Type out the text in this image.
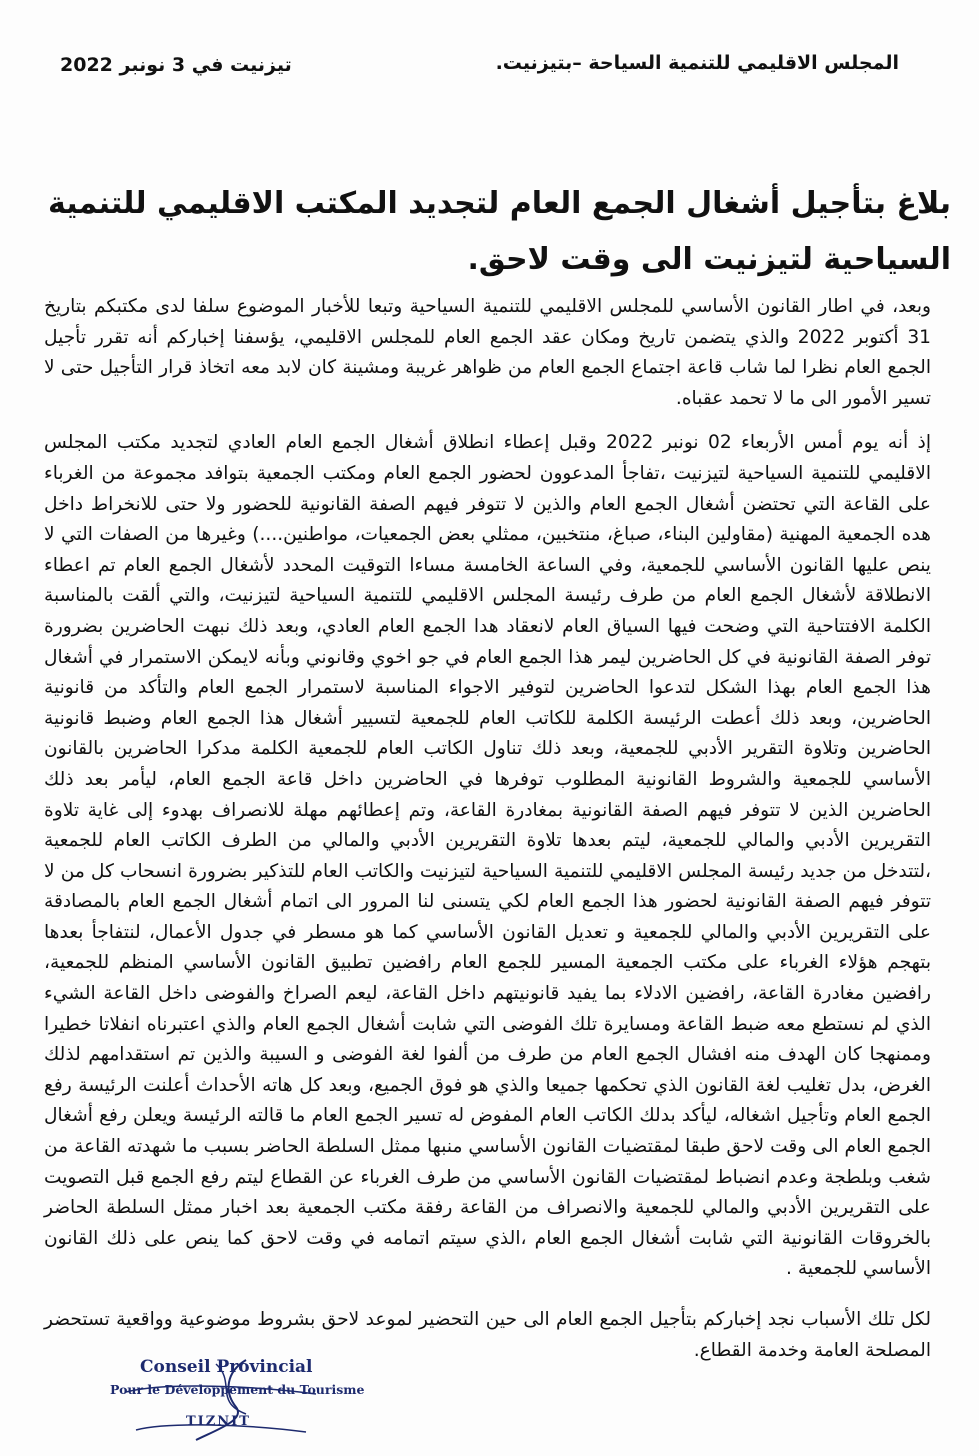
المجلس الاقليمي للتنمية السياحة –بتيزنيت.
تيزنيت في 3 نونبر 2022
بلاغ بتأجيل أشغال الجمع العام لتجديد المكتب الاقليمي للتنمية السياحية لتيزنيت الى وقت لاحق.

وبعد، في اطار القانون الأساسي للمجلس الاقليمي للتنمية السياحية وتبعا للأخبار الموضوع سلفا لدى مكتبكم بتاريخ 31 أكتوبر 2022 والذي يتضمن تاريخ ومكان عقد الجمع العام للمجلس الاقليمي، يؤسفنا إخباركم أنه تقرر تأجيل الجمع العام نظرا لما شاب قاعة اجتماع الجمع العام من ظواهر غريبة ومشينة كان لابد معه اتخاذ قرار التأجيل حتى لا تسير الأمور الى ما لا تحمد عقباه.

إذ أنه يوم أمس الأربعاء 02 نونبر 2022 وقبل إعطاء انطلاق أشغال الجمع العام العادي لتجديد مكتب المجلس الاقليمي للتنمية السياحية لتيزنيت ،تفاجأ المدعوون لحضور الجمع العام ومكتب الجمعية بتوافد مجموعة من الغرباء على القاعة التي تحتضن أشغال الجمع العام والذين لا تتوفر فيهم الصفة القانونية للحضور ولا حتى للانخراط داخل هده الجمعية المهنية (مقاولين البناء، صباغ، منتخبين، ممثلي بعض الجمعيات، مواطنين....) وغيرها من الصفات التي لا ينص عليها القانون الأساسي للجمعية، وفي الساعة الخامسة مساءا التوقيت المحدد لأشغال الجمع العام تم اعطاء الانطلاقة لأشغال الجمع العام من طرف رئيسة المجلس الاقليمي للتنمية السياحية لتيزنيت، والتي ألقت بالمناسبة الكلمة الافتتاحية التي وضحت فيها السياق العام لانعقاد هدا الجمع العام العادي، وبعد ذلك نبهت الحاضرين بضرورة توفر الصفة القانونية في كل الحاضرين ليمر هذا الجمع العام في جو اخوي وقانوني وبأنه لايمكن الاستمرار في أشغال هذا الجمع العام بهذا الشكل لتدعوا الحاضرين لتوفير الاجواء المناسبة لاستمرار الجمع العام والتأكد من قانونية الحاضرين، وبعد ذلك أعطت الرئيسة الكلمة للكاتب العام للجمعية لتسيير أشغال هذا الجمع العام وضبط قانونية الحاضرين وتلاوة التقرير الأدبي للجمعية، وبعد ذلك تناول الكاتب العام للجمعية الكلمة مدكرا الحاضرين بالقانون الأساسي للجمعية والشروط القانونية المطلوب توفرها في الحاضرين داخل قاعة الجمع العام، ليأمر بعد ذلك الحاضرين الذين لا تتوفر فيهم الصفة القانونية بمغادرة القاعة، وتم إعطائهم مهلة للانصراف بهدوء إلى غاية تلاوة التقريرين الأدبي والمالي للجمعية، ليتم بعدها تلاوة التقريرين الأدبي والمالي من الطرف الكاتب العام للجمعية ،لتتدخل من جديد رئيسة المجلس الاقليمي للتنمية السياحية لتيزنيت والكاتب العام للتذكير بضرورة انسحاب كل من لا تتوفر فيهم الصفة القانونية لحضور هذا الجمع العام لكي يتسنى لنا المرور الى اتمام أشغال الجمع العام بالمصادقة على التقريرين الأدبي والمالي للجمعية و تعديل القانون الأساسي كما هو مسطر في جدول الأعمال، لنتفاجأ بعدها بتهجم هؤلاء الغرباء على مكتب الجمعية المسير للجمع العام رافضين تطبيق القانون الأساسي المنظم للجمعية، رافضين مغادرة القاعة، رافضين الادلاء بما يفيد قانونيتهم داخل القاعة، ليعم الصراخ والفوضى داخل القاعة الشيء الذي لم نستطع معه ضبط القاعة ومسايرة تلك الفوضى التي شابت أشغال الجمع العام والذي اعتبرناه انفلاتا خطيرا وممنهجا كان الهدف منه افشال الجمع العام من طرف من ألفوا لغة الفوضى و السيبة والذين تم استقدامهم لذلك الغرض، بدل تغليب لغة القانون الذي تحكمها جميعا والذي هو فوق الجميع، وبعد كل هاته الأحداث أعلنت الرئيسة رفع الجمع العام وتأجيل اشغاله، ليأكد بدلك الكاتب العام المفوض له تسير الجمع العام ما قالته الرئيسة ويعلن رفع أشغال الجمع العام الى وقت لاحق طبقا لمقتضيات القانون الأساسي منبها ممثل السلطة الحاضر بسبب ما شهدته القاعة من شغب وبلطجة وعدم انضباط لمقتضيات القانون الأساسي من طرف الغرباء عن القطاع ليتم رفع الجمع قبل التصويت على التقريرين الأدبي والمالي للجمعية والانصراف من القاعة رفقة مكتب الجمعية بعد اخبار ممثل السلطة الحاضر بالخروقات القانونية التي شابت أشغال الجمع العام ،الذي سيتم اتمامه في وقت لاحق كما ينص على ذلك القانون الأساسي للجمعية .

لكل تلك الأسباب نجد إخباركم بتأجيل الجمع العام الى حين التحضير لموعد لاحق بشروط موضوعية وواقعية تستحضر المصلحة العامة وخدمة القطاع.

Conseil Provincial
Pour le Développement du Tourisme
TIZNIT
